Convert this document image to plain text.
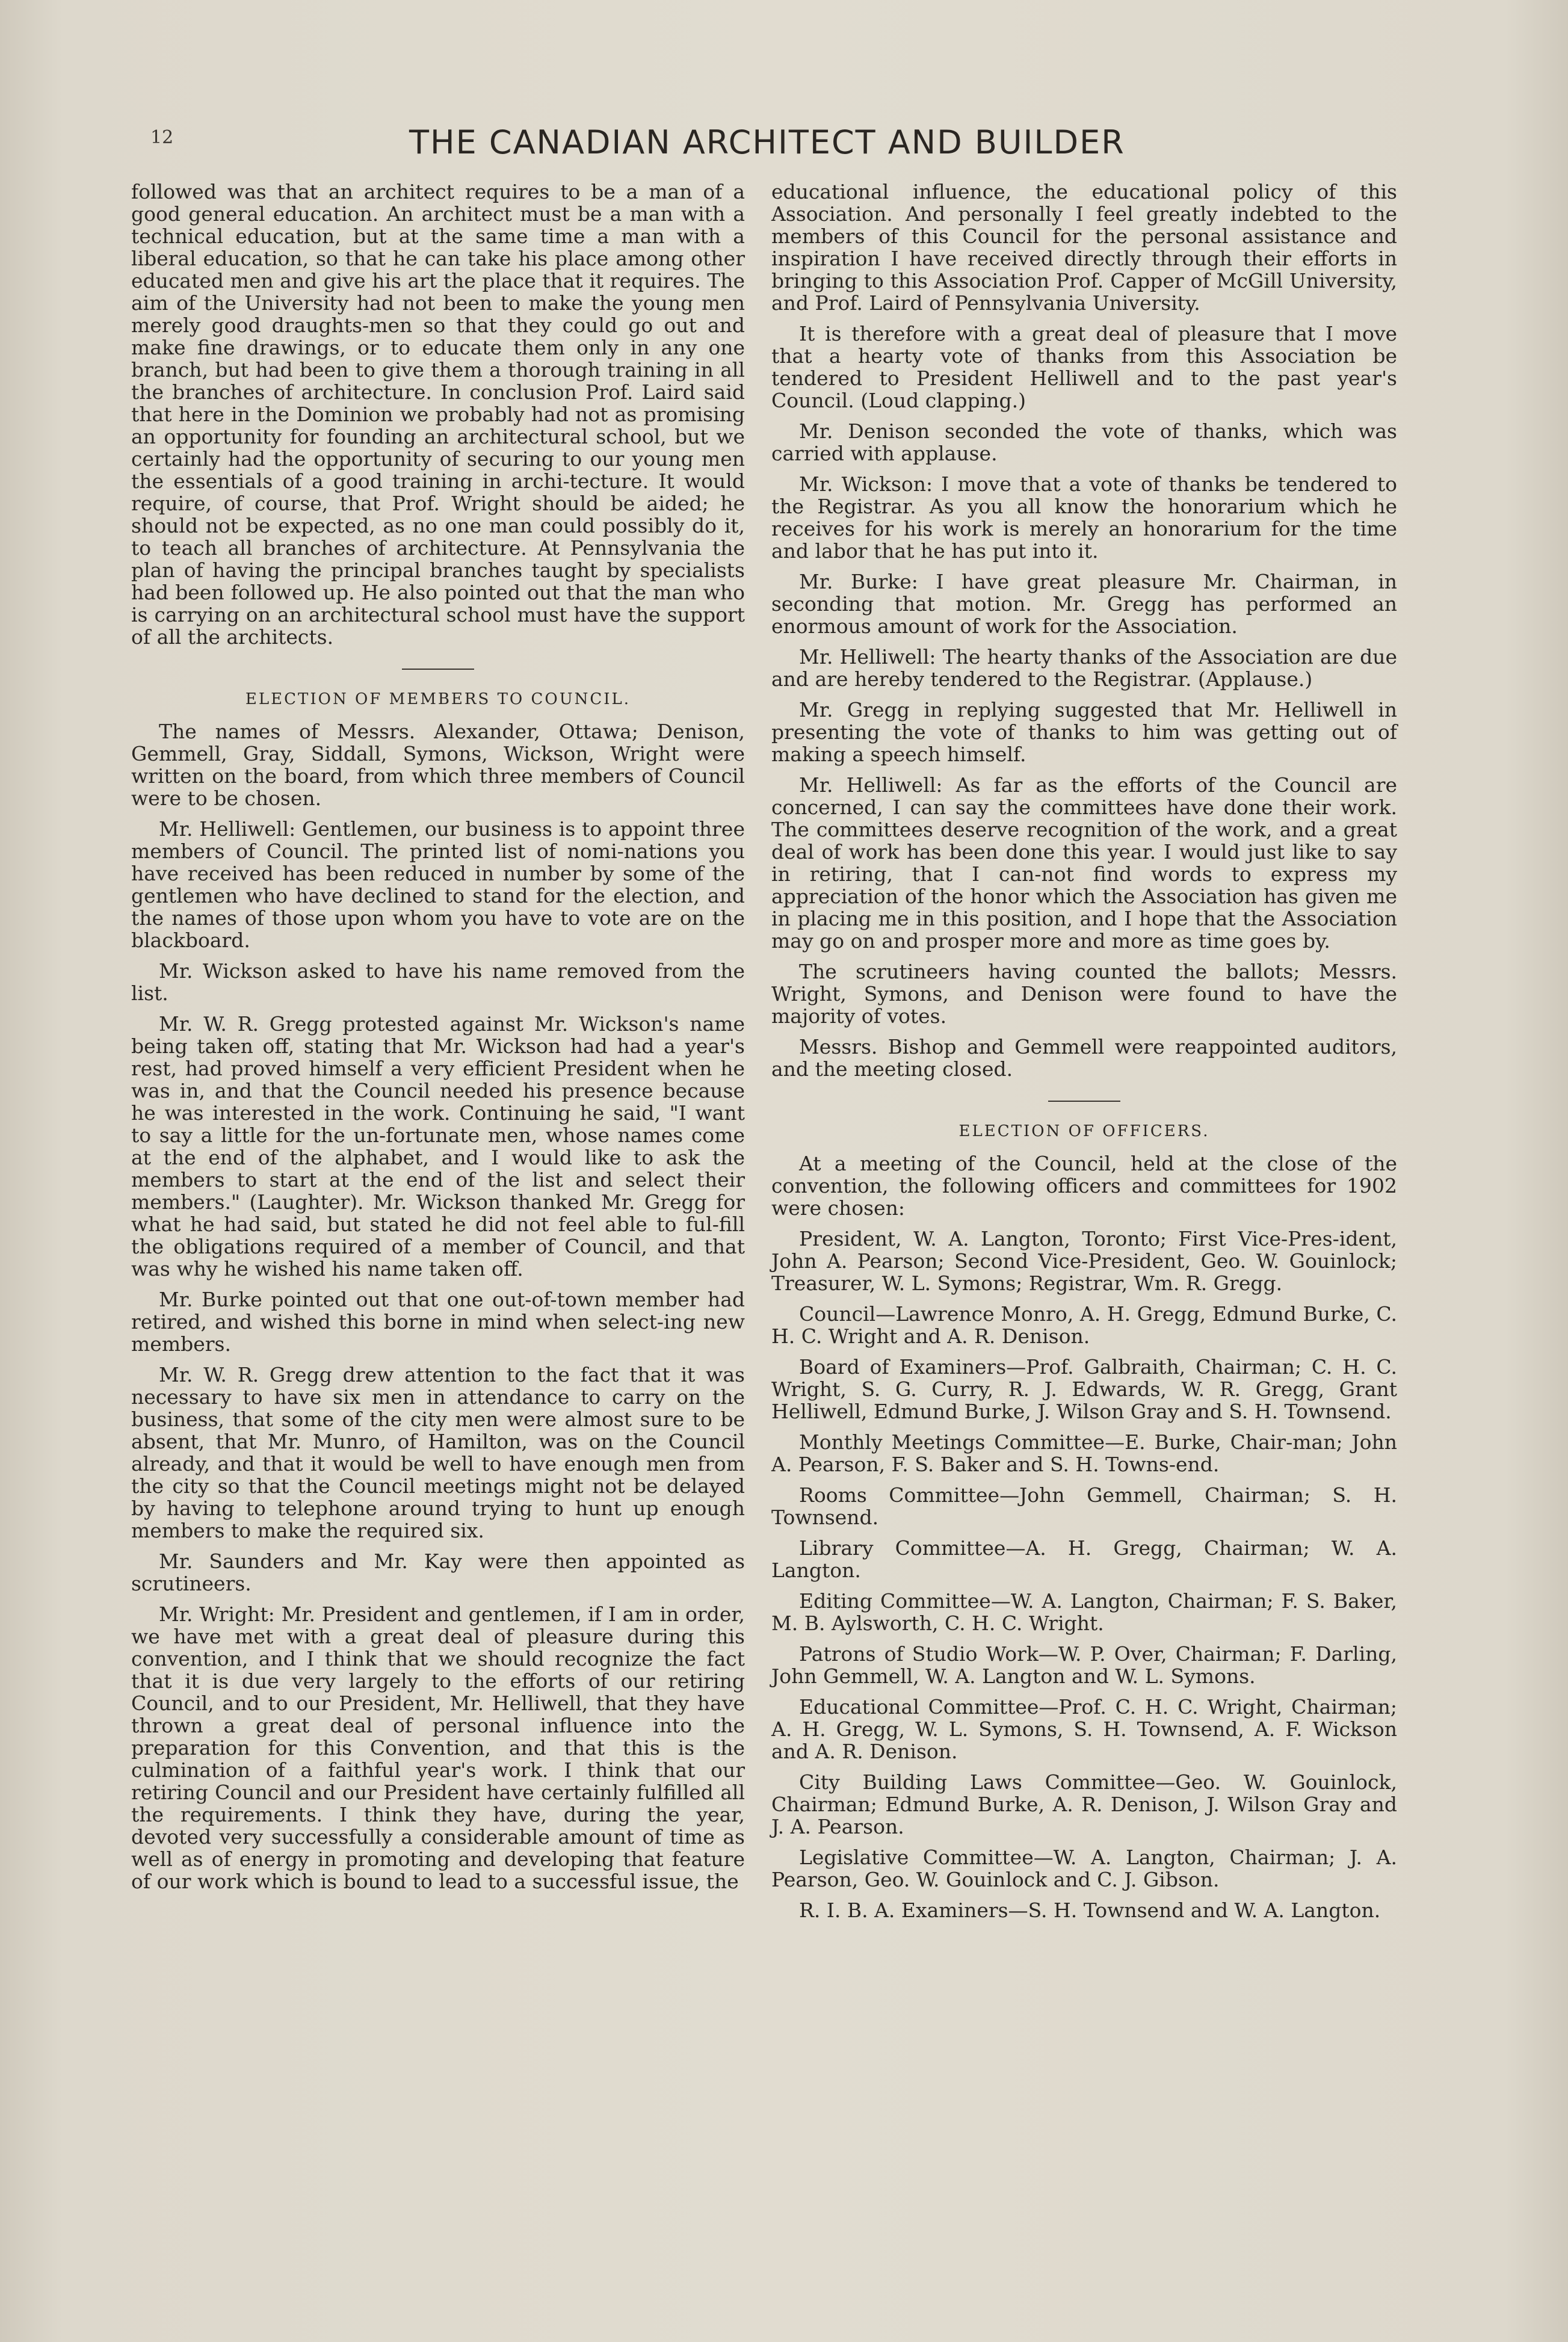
12	THE CANADIAN ARCHITECT AND BUILDER

followed was that an architect requires to be a man of a good general education. An architect must be a man with a technical education, but at the same time a man with a liberal education, so that he can take his place among other educated men and give his art the place that it requires. The aim of the University had not been to make the young men merely good draughts-men so that they could go out and make fine drawings, or to educate them only in any one branch, but had been to give them a thorough training in all the branches of architecture. In conclusion Prof. Laird said that here in the Dominion we probably had not as promising an opportunity for founding an architectural school, but we certainly had the opportunity of securing to our young men the essentials of a good training in archi-tecture. It would require, of course, that Prof. Wright should be aided; he should not be expected, as no one man could possibly do it, to teach all branches of architecture. At Pennsylvania the plan of having the principal branches taught by specialists had been followed up. He also pointed out that the man who is carrying on an architectural school must have the support of all the architects.

ELECTION OF MEMBERS TO COUNCIL.

The names of Messrs. Alexander, Ottawa; Denison, Gemmell, Gray, Siddall, Symons, Wickson, Wright were written on the board, from which three members of Council were to be chosen.

Mr. Helliwell: Gentlemen, our business is to appoint three members of Council. The printed list of nomi-nations you have received has been reduced in number by some of the gentlemen who have declined to stand for the election, and the names of those upon whom you have to vote are on the blackboard.

Mr. Wickson asked to have his name removed from the list.

Mr. W. R. Gregg protested against Mr. Wickson's name being taken off, stating that Mr. Wickson had had a year's rest, had proved himself a very efficient President when he was in, and that the Council needed his presence because he was interested in the work. Continuing he said, "I want to say a little for the un-fortunate men, whose names come at the end of the alphabet, and I would like to ask the members to start at the end of the list and select their members." (Laughter). Mr. Wickson thanked Mr. Gregg for what he had said, but stated he did not feel able to ful-fill the obligations required of a member of Council, and that was why he wished his name taken off.

Mr. Burke pointed out that one out-of-town member had retired, and wished this borne in mind when select-ing new members.

Mr. W. R. Gregg drew attention to the fact that it was necessary to have six men in attendance to carry on the business, that some of the city men were almost sure to be absent, that Mr. Munro, of Hamilton, was on the Council already, and that it would be well to have enough men from the city so that the Council meetings might not be delayed by having to telephone around trying to hunt up enough members to make the required six.

Mr. Saunders and Mr. Kay were then appointed as scrutineers.

Mr. Wright: Mr. President and gentlemen, if I am in order, we have met with a great deal of pleasure during this convention, and I think that we should recognize the fact that it is due very largely to the efforts of our retiring Council, and to our President, Mr. Helliwell, that they have thrown a great deal of personal influence into the preparation for this Convention, and that this is the culmination of a faithful year's work. I think that our retiring Council and our President have certainly fulfilled all the requirements. I think they have, during the year, devoted very successfully a considerable amount of time as well as of energy in promoting and developing that feature of our work which is bound to lead to a successful issue, the

educational influence, the educational policy of this Association. And personally I feel greatly indebted to the members of this Council for the personal assistance and inspiration I have received directly through their efforts in bringing to this Association Prof. Capper of McGill University, and Prof. Laird of Pennsylvania University.

It is therefore with a great deal of pleasure that I move that a hearty vote of thanks from this Association be tendered to President Helliwell and to the past year's Council. (Loud clapping.)

Mr. Denison seconded the vote of thanks, which was carried with applause.

Mr. Wickson: I move that a vote of thanks be tendered to the Registrar. As you all know the honorarium which he receives for his work is merely an honorarium for the time and labor that he has put into it.

Mr. Burke: I have great pleasure Mr. Chairman, in seconding that motion. Mr. Gregg has performed an enormous amount of work for the Association.

Mr. Helliwell: The hearty thanks of the Association are due and are hereby tendered to the Registrar. (Applause.)

Mr. Gregg in replying suggested that Mr. Helliwell in presenting the vote of thanks to him was getting out of making a speech himself.

Mr. Helliwell: As far as the efforts of the Council are concerned, I can say the committees have done their work. The committees deserve recognition of the work, and a great deal of work has been done this year. I would just like to say in retiring, that I can-not find words to express my appreciation of the honor which the Association has given me in placing me in this position, and I hope that the Association may go on and prosper more and more as time goes by.

The scrutineers having counted the ballots; Messrs. Wright, Symons, and Denison were found to have the majority of votes.

Messrs. Bishop and Gemmell were reappointed auditors, and the meeting closed.

ELECTION OF OFFICERS.

At a meeting of the Council, held at the close of the convention, the following officers and committees for 1902 were chosen:

President, W. A. Langton, Toronto; First Vice-Pres-ident, John A. Pearson; Second Vice-President, Geo. W. Gouinlock; Treasurer, W. L. Symons; Registrar, Wm. R. Gregg.

Council—Lawrence Monro, A. H. Gregg, Edmund Burke, C. H. C. Wright and A. R. Denison.

Board of Examiners—Prof. Galbraith, Chairman; C. H. C. Wright, S. G. Curry, R. J. Edwards, W. R. Gregg, Grant Helliwell, Edmund Burke, J. Wilson Gray and S. H. Townsend.

Monthly Meetings Committee—E. Burke, Chair-man; John A. Pearson, F. S. Baker and S. H. Towns-end.

Rooms Committee—John Gemmell, Chairman; S. H. Townsend.

Library Committee—A. H. Gregg, Chairman; W. A. Langton.

Editing Committee—W. A. Langton, Chairman; F. S. Baker, M. B. Aylsworth, C. H. C. Wright.

Patrons of Studio Work—W. P. Over, Chairman; F. Darling, John Gemmell, W. A. Langton and W. L. Symons.

Educational Committee—Prof. C. H. C. Wright, Chairman; A. H. Gregg, W. L. Symons, S. H. Townsend, A. F. Wickson and A. R. Denison.

City Building Laws Committee—Geo. W. Gouinlock, Chairman; Edmund Burke, A. R. Denison, J. Wilson Gray and J. A. Pearson.

Legislative Committee—W. A. Langton, Chairman; J. A. Pearson, Geo. W. Gouinlock and C. J. Gibson.

R. I. B. A. Examiners—S. H. Townsend and W. A. Langton.
